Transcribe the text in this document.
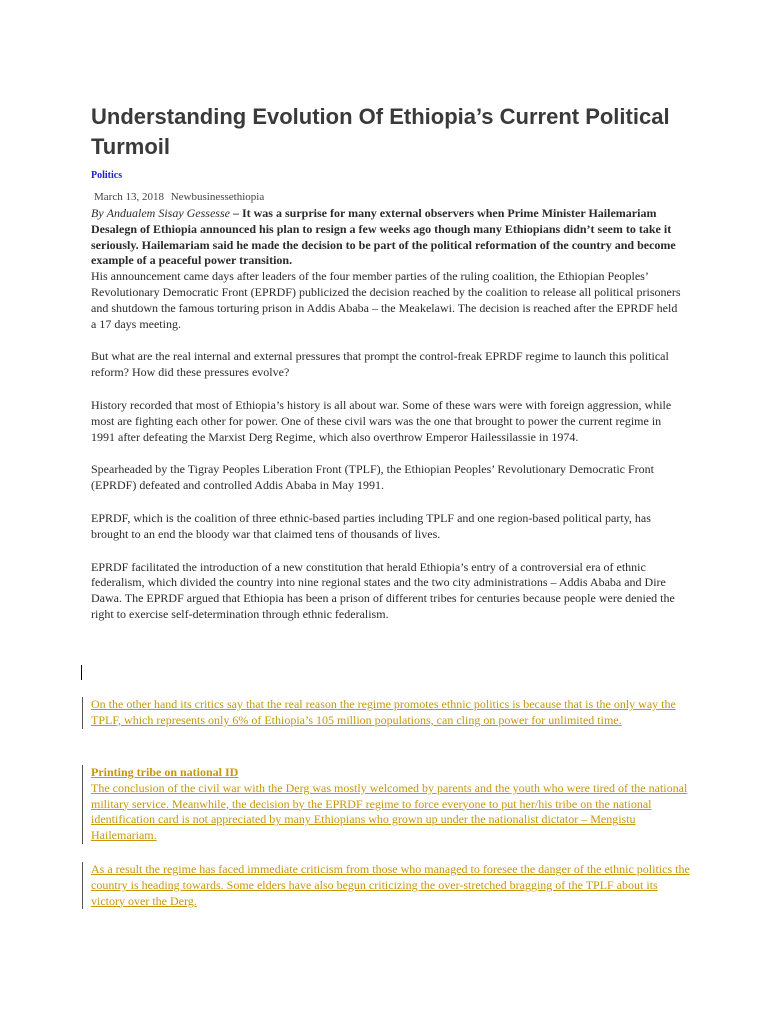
Understanding Evolution Of Ethiopia’s Current Political Turmoil
Politics
March 13, 2018 Newbusinessethiopia

By Andualem Sisay Gessesse – It was a surprise for many external observers when Prime Minister Hailemariam Desalegn of Ethiopia announced his plan to resign a few weeks ago though many Ethiopians didn’t seem to take it seriously. Hailemariam said he made the decision to be part of the political reformation of the country and become example of a peaceful power transition.

His announcement came days after leaders of the four member parties of the ruling coalition, the Ethiopian Peoples’ Revolutionary Democratic Front (EPRDF) publicized the decision reached by the coalition to release all political prisoners and shutdown the famous torturing prison in Addis Ababa – the Meakelawi. The decision is reached after the EPRDF held a 17 days meeting.

But what are the real internal and external pressures that prompt the control-freak EPRDF regime to launch this political reform? How did these pressures evolve?

History recorded that most of Ethiopia’s history is all about war. Some of these wars were with foreign aggression, while most are fighting each other for power. One of these civil wars was the one that brought to power the current regime in 1991 after defeating the Marxist Derg Regime, which also overthrow Emperor Hailessilassie in 1974.

Spearheaded by the Tigray Peoples Liberation Front (TPLF), the Ethiopian Peoples’ Revolutionary Democratic Front (EPRDF) defeated and controlled Addis Ababa in May 1991.

EPRDF, which is the coalition of three ethnic-based parties including TPLF and one region-based political party, has brought to an end the bloody war that claimed tens of thousands of lives.

EPRDF facilitated the introduction of a new constitution that herald Ethiopia’s entry of a controversial era of ethnic federalism, which divided the country into nine regional states and the two city administrations – Addis Ababa and Dire Dawa. The EPRDF argued that Ethiopia has been a prison of different tribes for centuries because people were denied the right to exercise self-determination through ethnic federalism.

On the other hand its critics say that the real reason the regime promotes ethnic politics is because that is the only way the TPLF, which represents only 6% of Ethiopia’s 105 million populations, can cling on power for unlimited time.
Printing tribe on national ID
The conclusion of the civil war with the Derg was mostly welcomed by parents and the youth who were tired of the national military service. Meanwhile, the decision by the EPRDF regime to force everyone to put her/his tribe on the national identification card is not appreciated by many Ethiopians who grown up under the nationalist dictator – Mengistu Hailemariam.
As a result the regime has faced immediate criticism from those who managed to foresee the danger of the ethnic politics the country is heading towards. Some elders have also begun criticizing the over-stretched bragging of the TPLF about its victory over the Derg.
